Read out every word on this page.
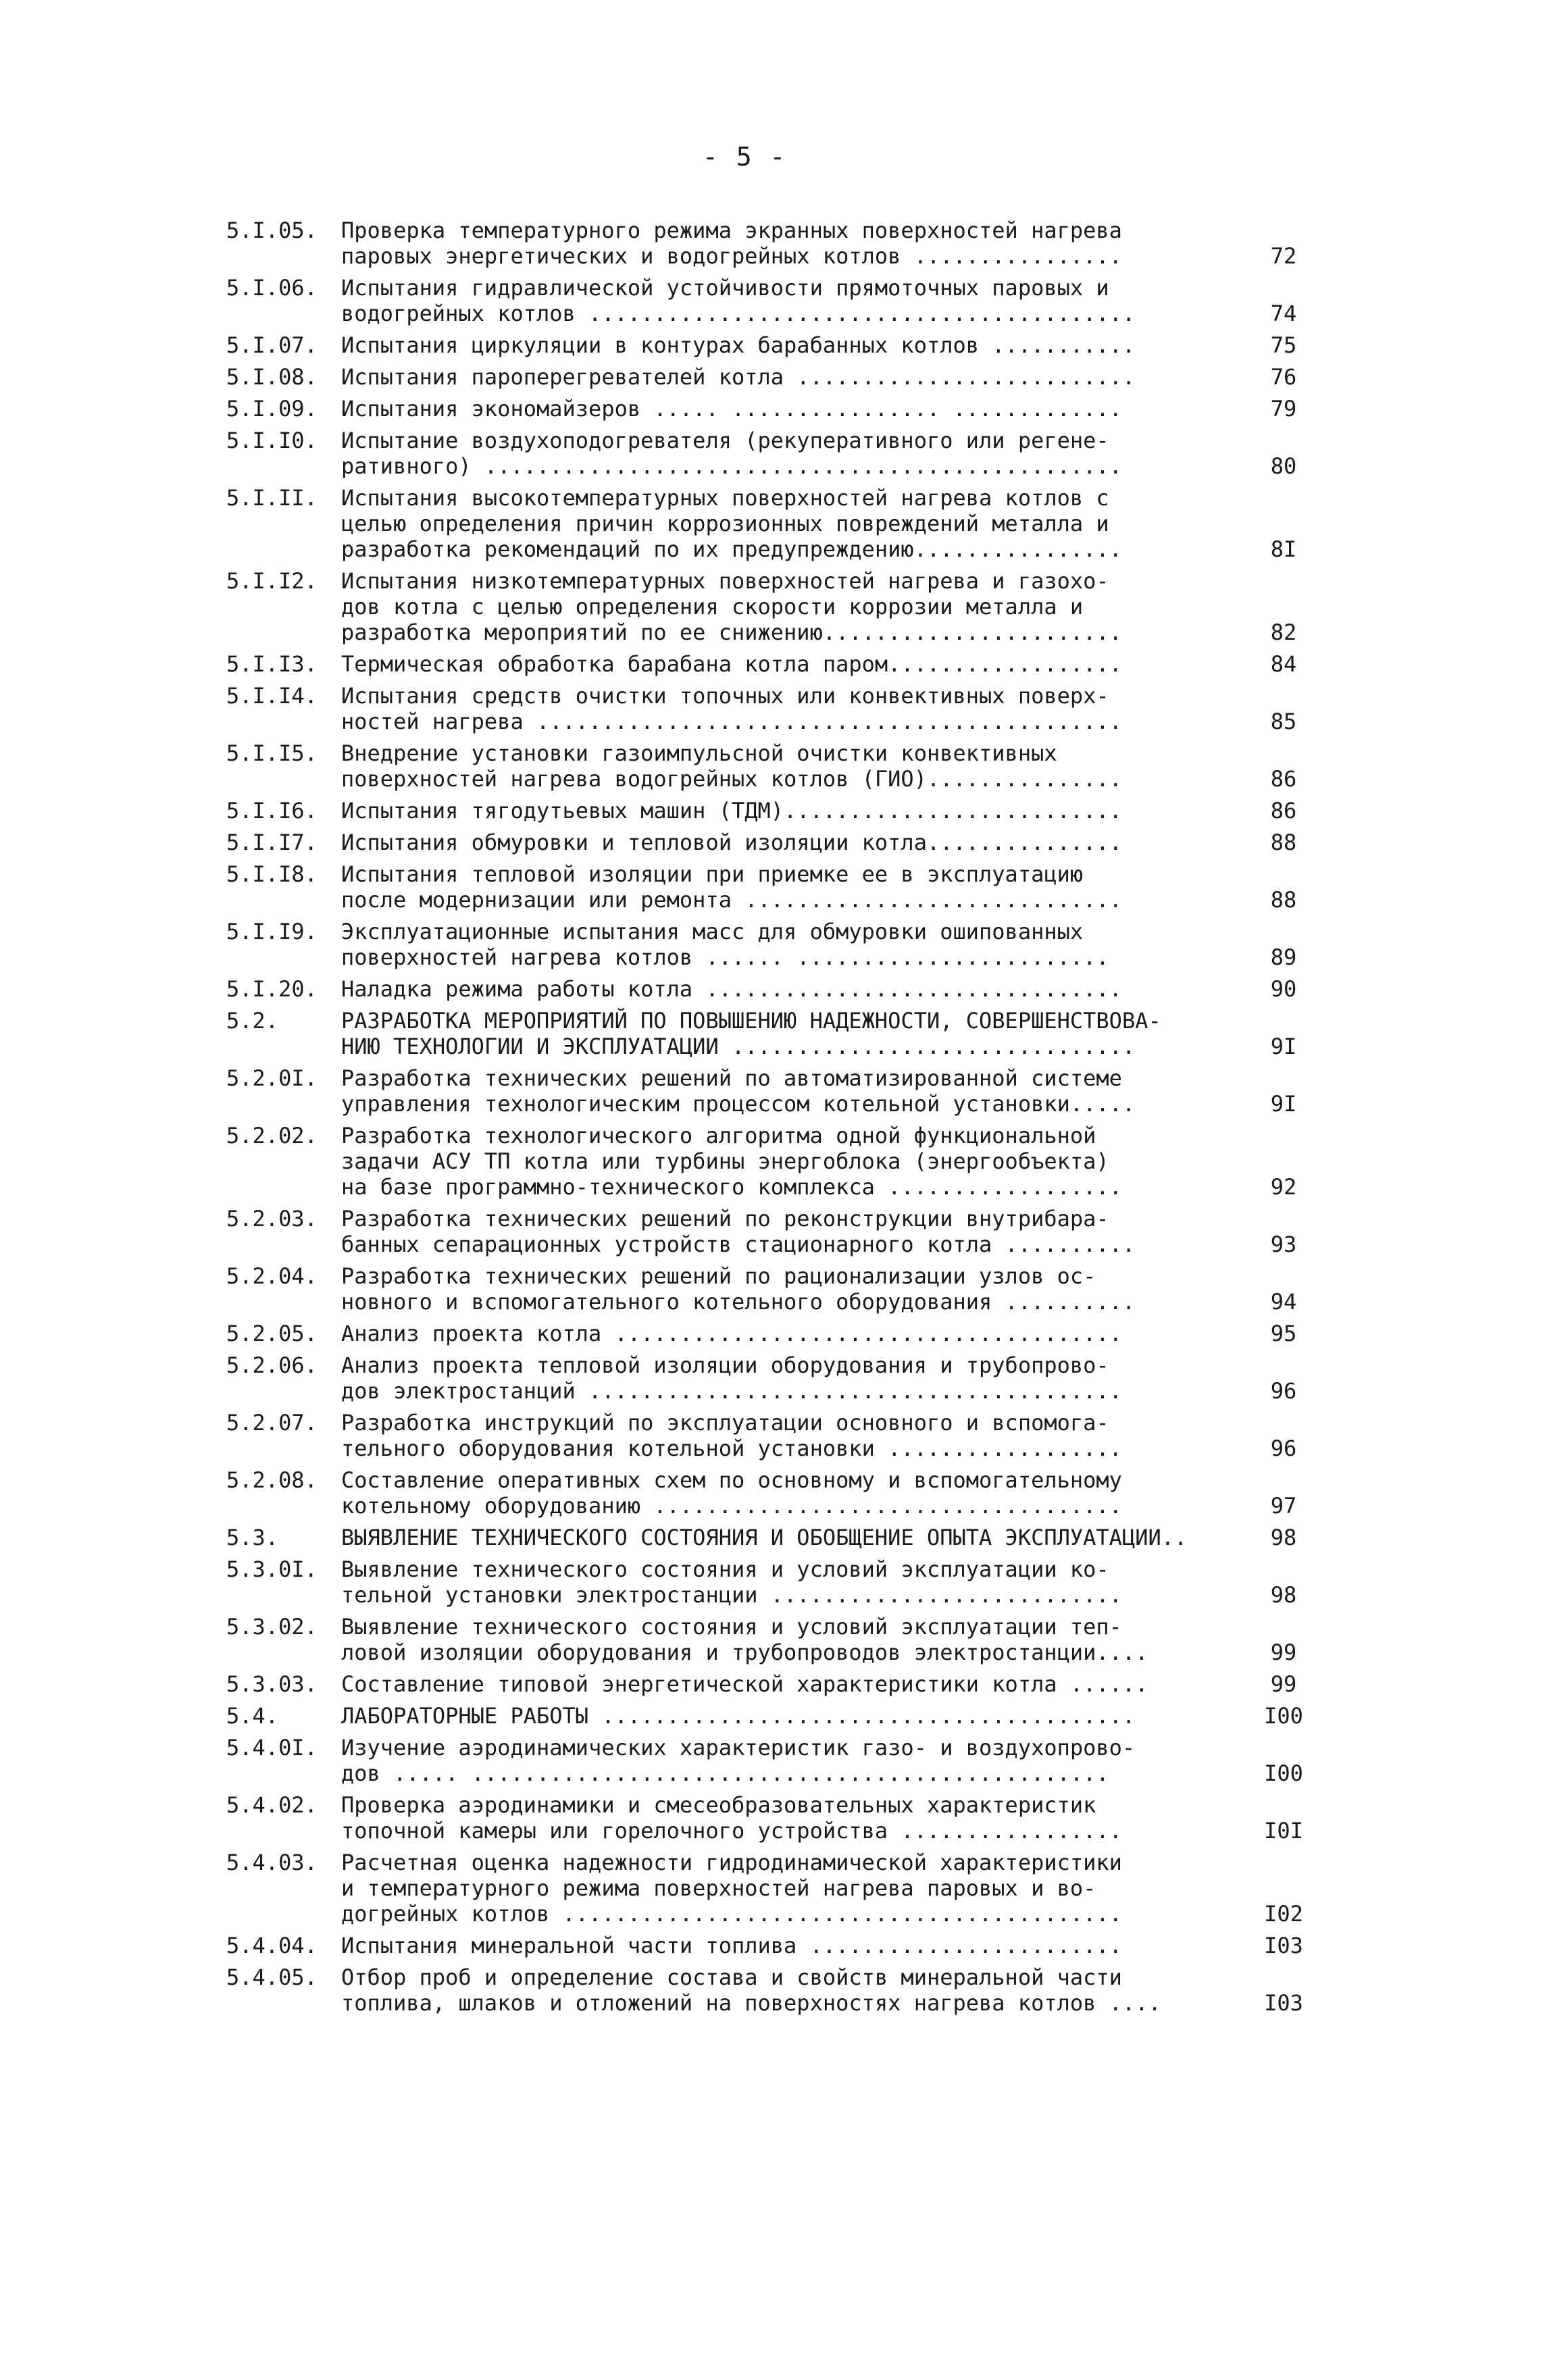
- 5 -
5.I.05. Проверка температурного режима экранных поверхностей нагрева
паровых энергетических и водогрейных котлов ................	72
5.I.06. Испытания гидравлической устойчивости прямоточных паровых и
водогрейных котлов ..........................................	74
5.I.07. Испытания циркуляции в контурах барабанных котлов ...........	75
5.I.08. Испытания пароперегревателей котла ..........................	76
5.I.09. Испытания экономайзеров ..... ................ .............	79
5.I.I0. Испытание воздухоподогревателя (рекуперативного или регене-
ративного) .................................................	80
5.I.II. Испытания высокотемпературных поверхностей нагрева котлов с
целью определения причин коррозионных повреждений металла и
разработка рекомендаций по их предупреждению................	8I
5.I.I2. Испытания низкотемпературных поверхностей нагрева и газохо-
дов котла с целью определения скорости коррозии металла и
разработка мероприятий по ее снижению.......................	82
5.I.I3. Термическая обработка барабана котла паром..................	84
5.I.I4. Испытания средств очистки топочных или конвективных поверх-
ностей нагрева .............................................	85
5.I.I5. Внедрение установки газоимпульсной очистки конвективных
поверхностей нагрева водогрейных котлов (ГИО)...............	86
5.I.I6. Испытания тягодутьевых машин (ТДМ)..........................	86
5.I.I7. Испытания обмуровки и тепловой изоляции котла...............	88
5.I.I8. Испытания тепловой изоляции при приемке ее в эксплуатацию
после модернизации или ремонта .............................	88
5.I.I9. Эксплуатационные испытания масс для обмуровки ошипованных
поверхностей нагрева котлов ...... ........................	89
5.I.20. Наладка режима работы котла ................................	90
5.2.	РАЗРАБОТКА МЕРОПРИЯТИЙ ПО ПОВЫШЕНИЮ НАДЕЖНОСТИ, СОВЕРШЕНСТВОВА-
НИЮ ТЕХНОЛОГИИ И ЭКСПЛУАТАЦИИ ...............................	9I
5.2.0I. Разработка технических решений по автоматизированной системе
управления технологическим процессом котельной установки.....	9I
5.2.02. Разработка технологического алгоритма одной функциональной
задачи АСУ ТП котла или турбины энергоблока (энергообъекта)
на базе программно-технического комплекса ..................	92
5.2.03. Разработка технических решений по реконструкции внутрибара-
банных сепарационных устройств стационарного котла ..........	93
5.2.04. Разработка технических решений по рационализации узлов ос-
новного и вспомогательного котельного оборудования ..........	94
5.2.05. Анализ проекта котла .......................................	95
5.2.06. Анализ проекта тепловой изоляции оборудования и трубопрово-
дов электростанций .........................................	96
5.2.07. Разработка инструкций по эксплуатации основного и вспомога-
тельного оборудования котельной установки ..................	96
5.2.08. Составление оперативных схем по основному и вспомогательному
котельному оборудованию ....................................	97
5.3.	ВЫЯВЛЕНИЕ ТЕХНИЧЕСКОГО СОСТОЯНИЯ И ОБОБЩЕНИЕ ОПЫТА ЭКСПЛУАТАЦИИ..	98
5.3.0I. Выявление технического состояния и условий эксплуатации ко-
тельной установки электростанции ...........................	98
5.3.02. Выявление технического состояния и условий эксплуатации теп-
ловой изоляции оборудования и трубопроводов электростанции....	99
5.3.03. Составление типовой энергетической характеристики котла ......	99
5.4.	ЛАБОРАТОРНЫЕ РАБОТЫ .........................................	I00
5.4.0I. Изучение аэродинамических характеристик газо- и воздухопрово-
дов ..... .................................................	I00
5.4.02. Проверка аэродинамики и смесеобразовательных характеристик
топочной камеры или горелочного устройства .................	I0I
5.4.03. Расчетная оценка надежности гидродинамической характеристики
и температурного режима поверхностей нагрева паровых и во-
догрейных котлов ...........................................	I02
5.4.04. Испытания минеральной части топлива ........................	I03
5.4.05. Отбор проб и определение состава и свойств минеральной части
топлива, шлаков и отложений на поверхностях нагрева котлов ....	I03
